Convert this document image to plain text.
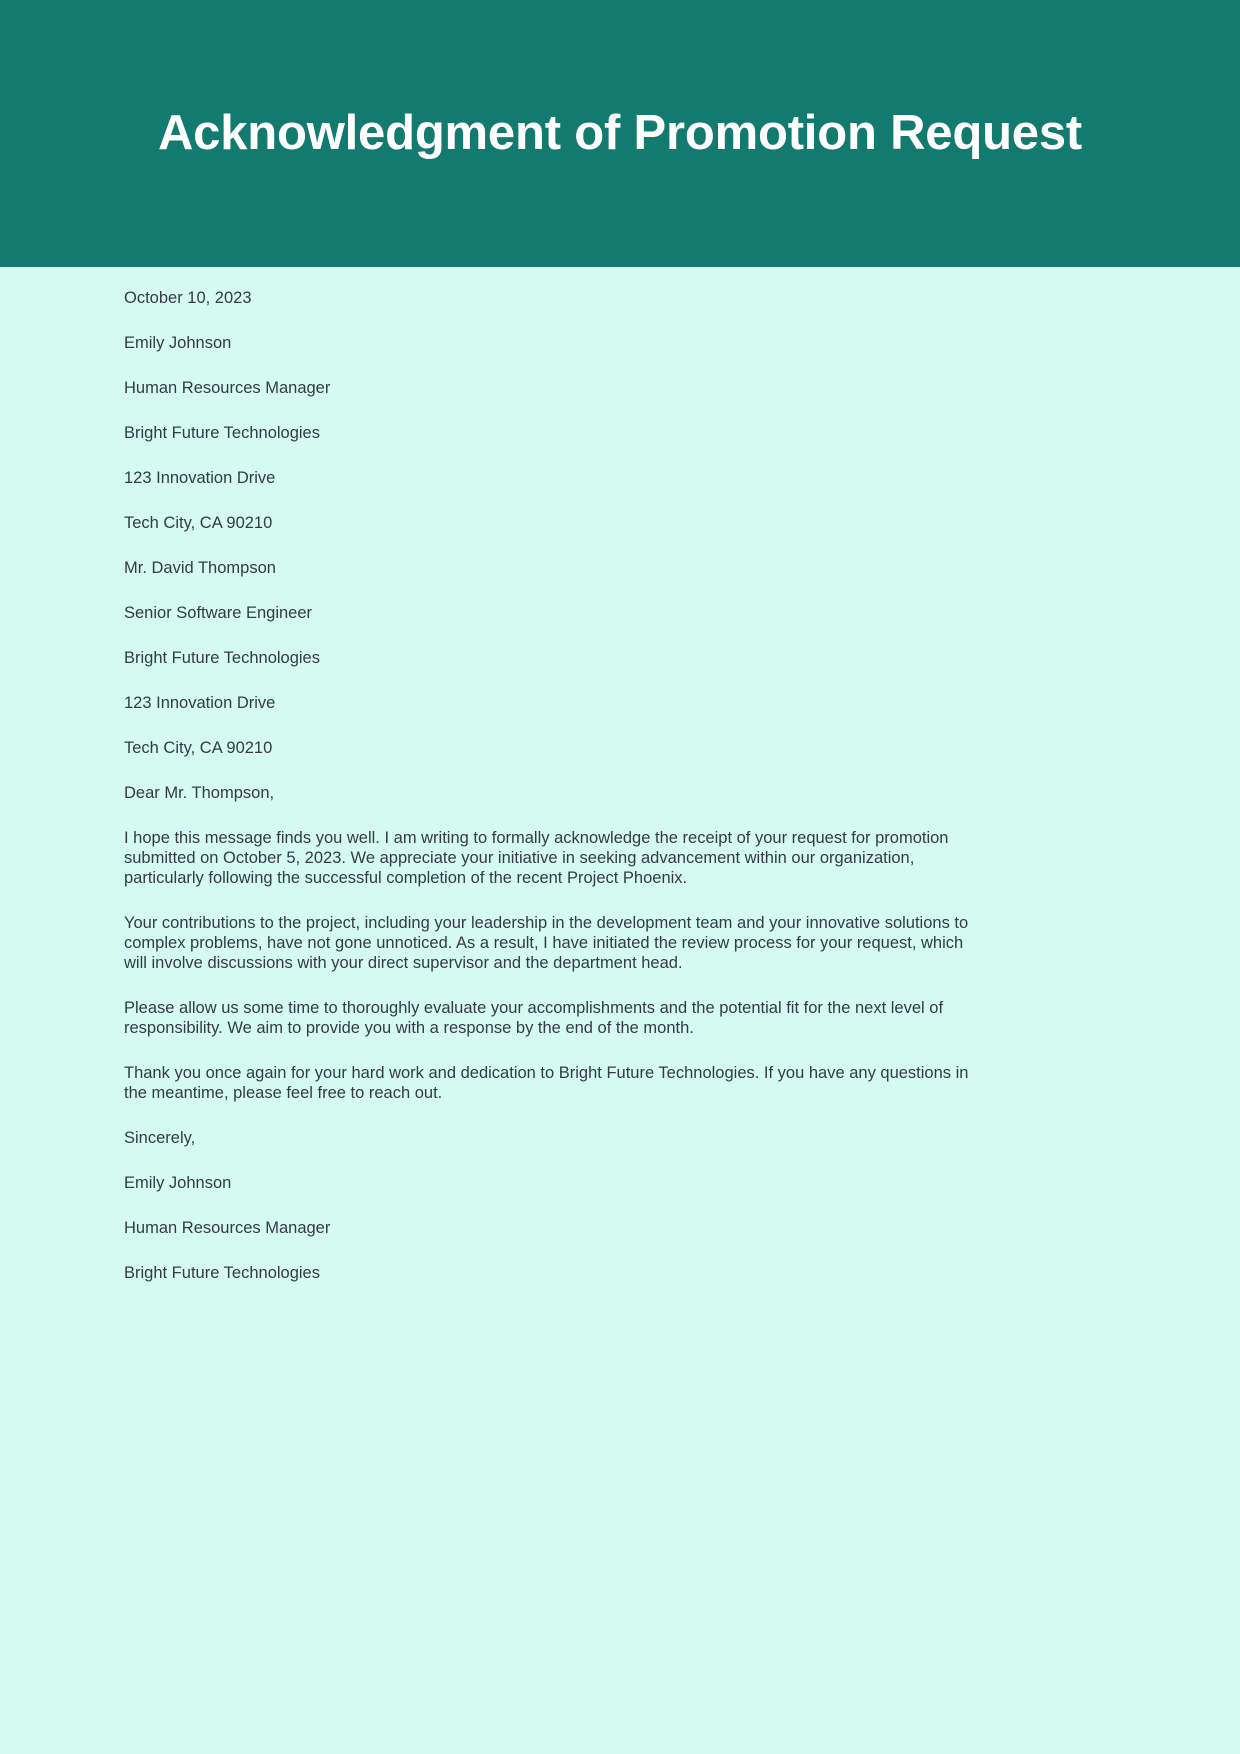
Acknowledgment of Promotion Request

October 10, 2023

Emily Johnson

Human Resources Manager

Bright Future Technologies

123 Innovation Drive

Tech City, CA 90210

Mr. David Thompson

Senior Software Engineer

Bright Future Technologies

123 Innovation Drive

Tech City, CA 90210

Dear Mr. Thompson,

I hope this message finds you well. I am writing to formally acknowledge the receipt of your request for promotion submitted on October 5, 2023. We appreciate your initiative in seeking advancement within our organization, particularly following the successful completion of the recent Project Phoenix.

Your contributions to the project, including your leadership in the development team and your innovative solutions to complex problems, have not gone unnoticed. As a result, I have initiated the review process for your request, which will involve discussions with your direct supervisor and the department head.

Please allow us some time to thoroughly evaluate your accomplishments and the potential fit for the next level of responsibility. We aim to provide you with a response by the end of the month.

Thank you once again for your hard work and dedication to Bright Future Technologies. If you have any questions in the meantime, please feel free to reach out.

Sincerely,

Emily Johnson

Human Resources Manager

Bright Future Technologies
